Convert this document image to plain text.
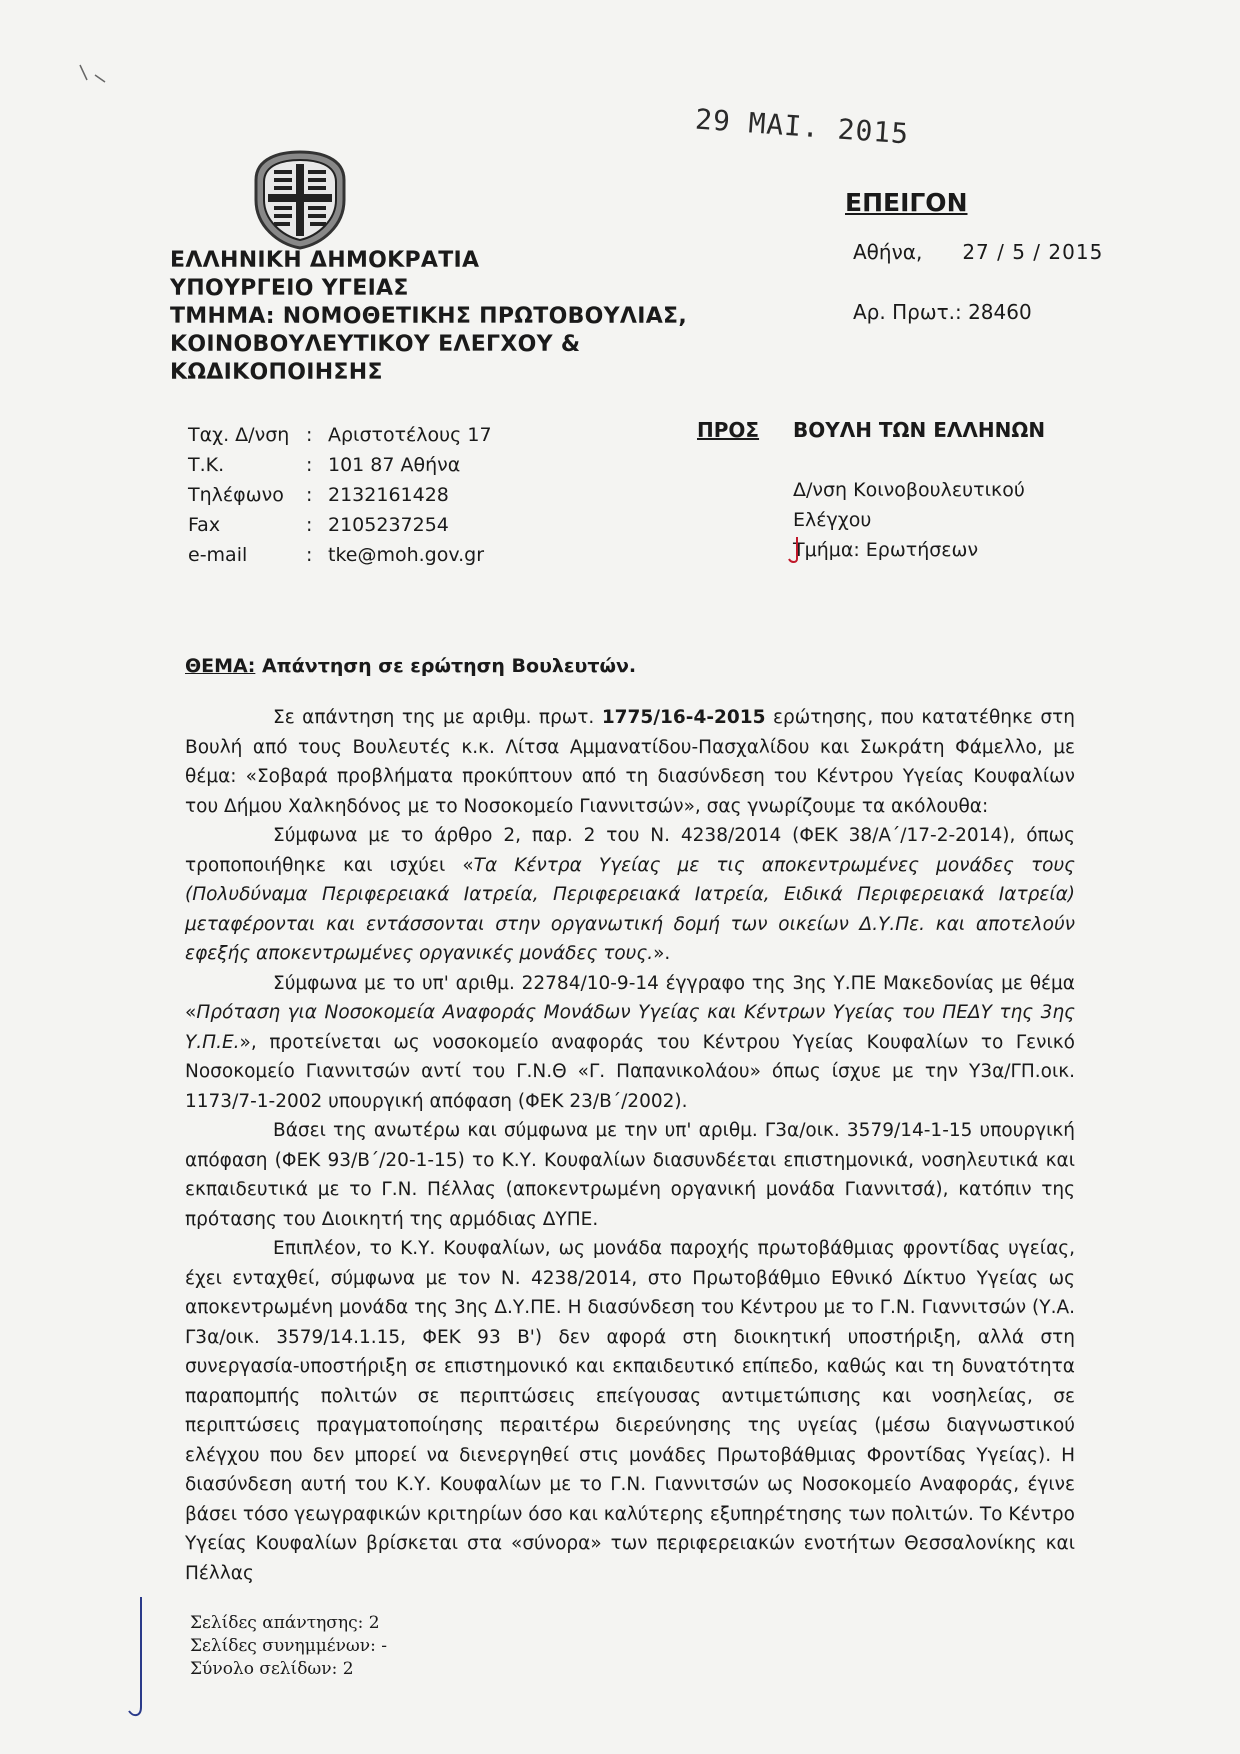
29 MAI. 2015
ΕΠΕΙΓΟΝ
ΕΛΛΗΝΙΚΗ ΔΗΜΟΚΡΑΤΙΑ
ΥΠΟΥΡΓΕΙΟ ΥΓΕΙΑΣ
ΤΜΗΜΑ: ΝΟΜΟΘΕΤΙΚΗΣ ΠΡΩΤΟΒΟΥΛΙΑΣ,
ΚΟΙΝΟΒΟΥΛΕΥΤΙΚΟΥ ΕΛΕΓΧΟΥ &
ΚΩΔΙΚΟΠΟΙΗΣΗΣ
Αθήνα, 27 / 5 / 2015
Αρ. Πρωτ.: 28460
Ταχ. Δ/νση : Αριστοτέλους 17
Τ.Κ.	: 101 87 Αθήνα
Τηλέφωνο	: 2132161428
Fax	: 2105237254
e-mail	: tke@moh.gov.gr
ΠΡΟΣ ΒΟΥΛΗ ΤΩΝ ΕΛΛΗΝΩΝ
Δ/νση Κοινοβουλευτικού
Ελέγχου
Τμήμα: Ερωτήσεων
ΘΕΜΑ: Απάντηση σε ερώτηση Βουλευτών.

Σε απάντηση της με αριθμ. πρωτ. 1775/16-4-2015 ερώτησης, που κατατέθηκε στη Βουλή από τους Βουλευτές κ.κ. Λίτσα Αμμανατίδου-Πασχαλίδου και Σωκράτη Φάμελλο, με θέμα: «Σοβαρά προβλήματα προκύπτουν από τη διασύνδεση του Κέντρου Υγείας Κουφαλίων του Δήμου Χαλκηδόνος με το Νοσοκομείο Γιαννιτσών», σας γνωρίζουμε τα ακόλουθα:

Σύμφωνα με το άρθρο 2, παρ. 2 του Ν. 4238/2014 (ΦΕΚ 38/Α΄/17-2-2014), όπως τροποποιήθηκε και ισχύει «Τα Κέντρα Υγείας με τις αποκεντρωμένες μονάδες τους (Πολυδύναμα Περιφερειακά Ιατρεία, Περιφερειακά Ιατρεία, Ειδικά Περιφερειακά Ιατρεία) μεταφέρονται και εντάσσονται στην οργανωτική δομή των οικείων Δ.Υ.Πε. και αποτελούν εφεξής αποκεντρωμένες οργανικές μονάδες τους.».

Σύμφωνα με το υπ' αριθμ. 22784/10-9-14 έγγραφο της 3ης Υ.ΠΕ Μακεδονίας με θέμα «Πρόταση για Νοσοκομεία Αναφοράς Μονάδων Υγείας και Κέντρων Υγείας του ΠΕΔΥ της 3ης Υ.Π.Ε.», προτείνεται ως νοσοκομείο αναφοράς του Κέντρου Υγείας Κουφαλίων το Γενικό Νοσοκομείο Γιαννιτσών αντί του Γ.Ν.Θ «Γ. Παπανικολάου» όπως ίσχυε με την Υ3α/ΓΠ.οικ. 1173/7-1-2002 υπουργική απόφαση (ΦΕΚ 23/Β΄/2002).

Βάσει της ανωτέρω και σύμφωνα με την υπ' αριθμ. Γ3α/οικ. 3579/14-1-15 υπουργική απόφαση (ΦΕΚ 93/Β΄/20-1-15) το Κ.Υ. Κουφαλίων διασυνδέεται επιστημονικά, νοσηλευτικά και εκπαιδευτικά με το Γ.Ν. Πέλλας (αποκεντρωμένη οργανική μονάδα Γιαννιτσά), κατόπιν της πρότασης του Διοικητή της αρμόδιας ΔΥΠΕ.

Επιπλέον, το Κ.Υ. Κουφαλίων, ως μονάδα παροχής πρωτοβάθμιας φροντίδας υγείας, έχει ενταχθεί, σύμφωνα με τον Ν. 4238/2014, στο Πρωτοβάθμιο Εθνικό Δίκτυο Υγείας ως αποκεντρωμένη μονάδα της 3ης Δ.Υ.ΠΕ. Η διασύνδεση του Κέντρου με το Γ.Ν. Γιαννιτσών (Υ.Α. Γ3α/οικ. 3579/14.1.15, ΦΕΚ 93 Β') δεν αφορά στη διοικητική υποστήριξη, αλλά στη συνεργασία-υποστήριξη σε επιστημονικό και εκπαιδευτικό επίπεδο, καθώς και τη δυνατότητα παραπομπής πολιτών σε περιπτώσεις επείγουσας αντιμετώπισης και νοσηλείας, σε περιπτώσεις πραγματοποίησης περαιτέρω διερεύνησης της υγείας (μέσω διαγνωστικού ελέγχου που δεν μπορεί να διενεργηθεί στις μονάδες Πρωτοβάθμιας Φροντίδας Υγείας). Η διασύνδεση αυτή του Κ.Υ. Κουφαλίων με το Γ.Ν. Γιαννιτσών ως Νοσοκομείο Αναφοράς, έγινε βάσει τόσο γεωγραφικών κριτηρίων όσο και καλύτερης εξυπηρέτησης των πολιτών. Το Κέντρο Υγείας Κουφαλίων βρίσκεται στα «σύνορα» των περιφερειακών ενοτήτων Θεσσαλονίκης και Πέλλας

Σελίδες απάντησης: 2
Σελίδες συνημμένων: -
Σύνολο σελίδων: 2
